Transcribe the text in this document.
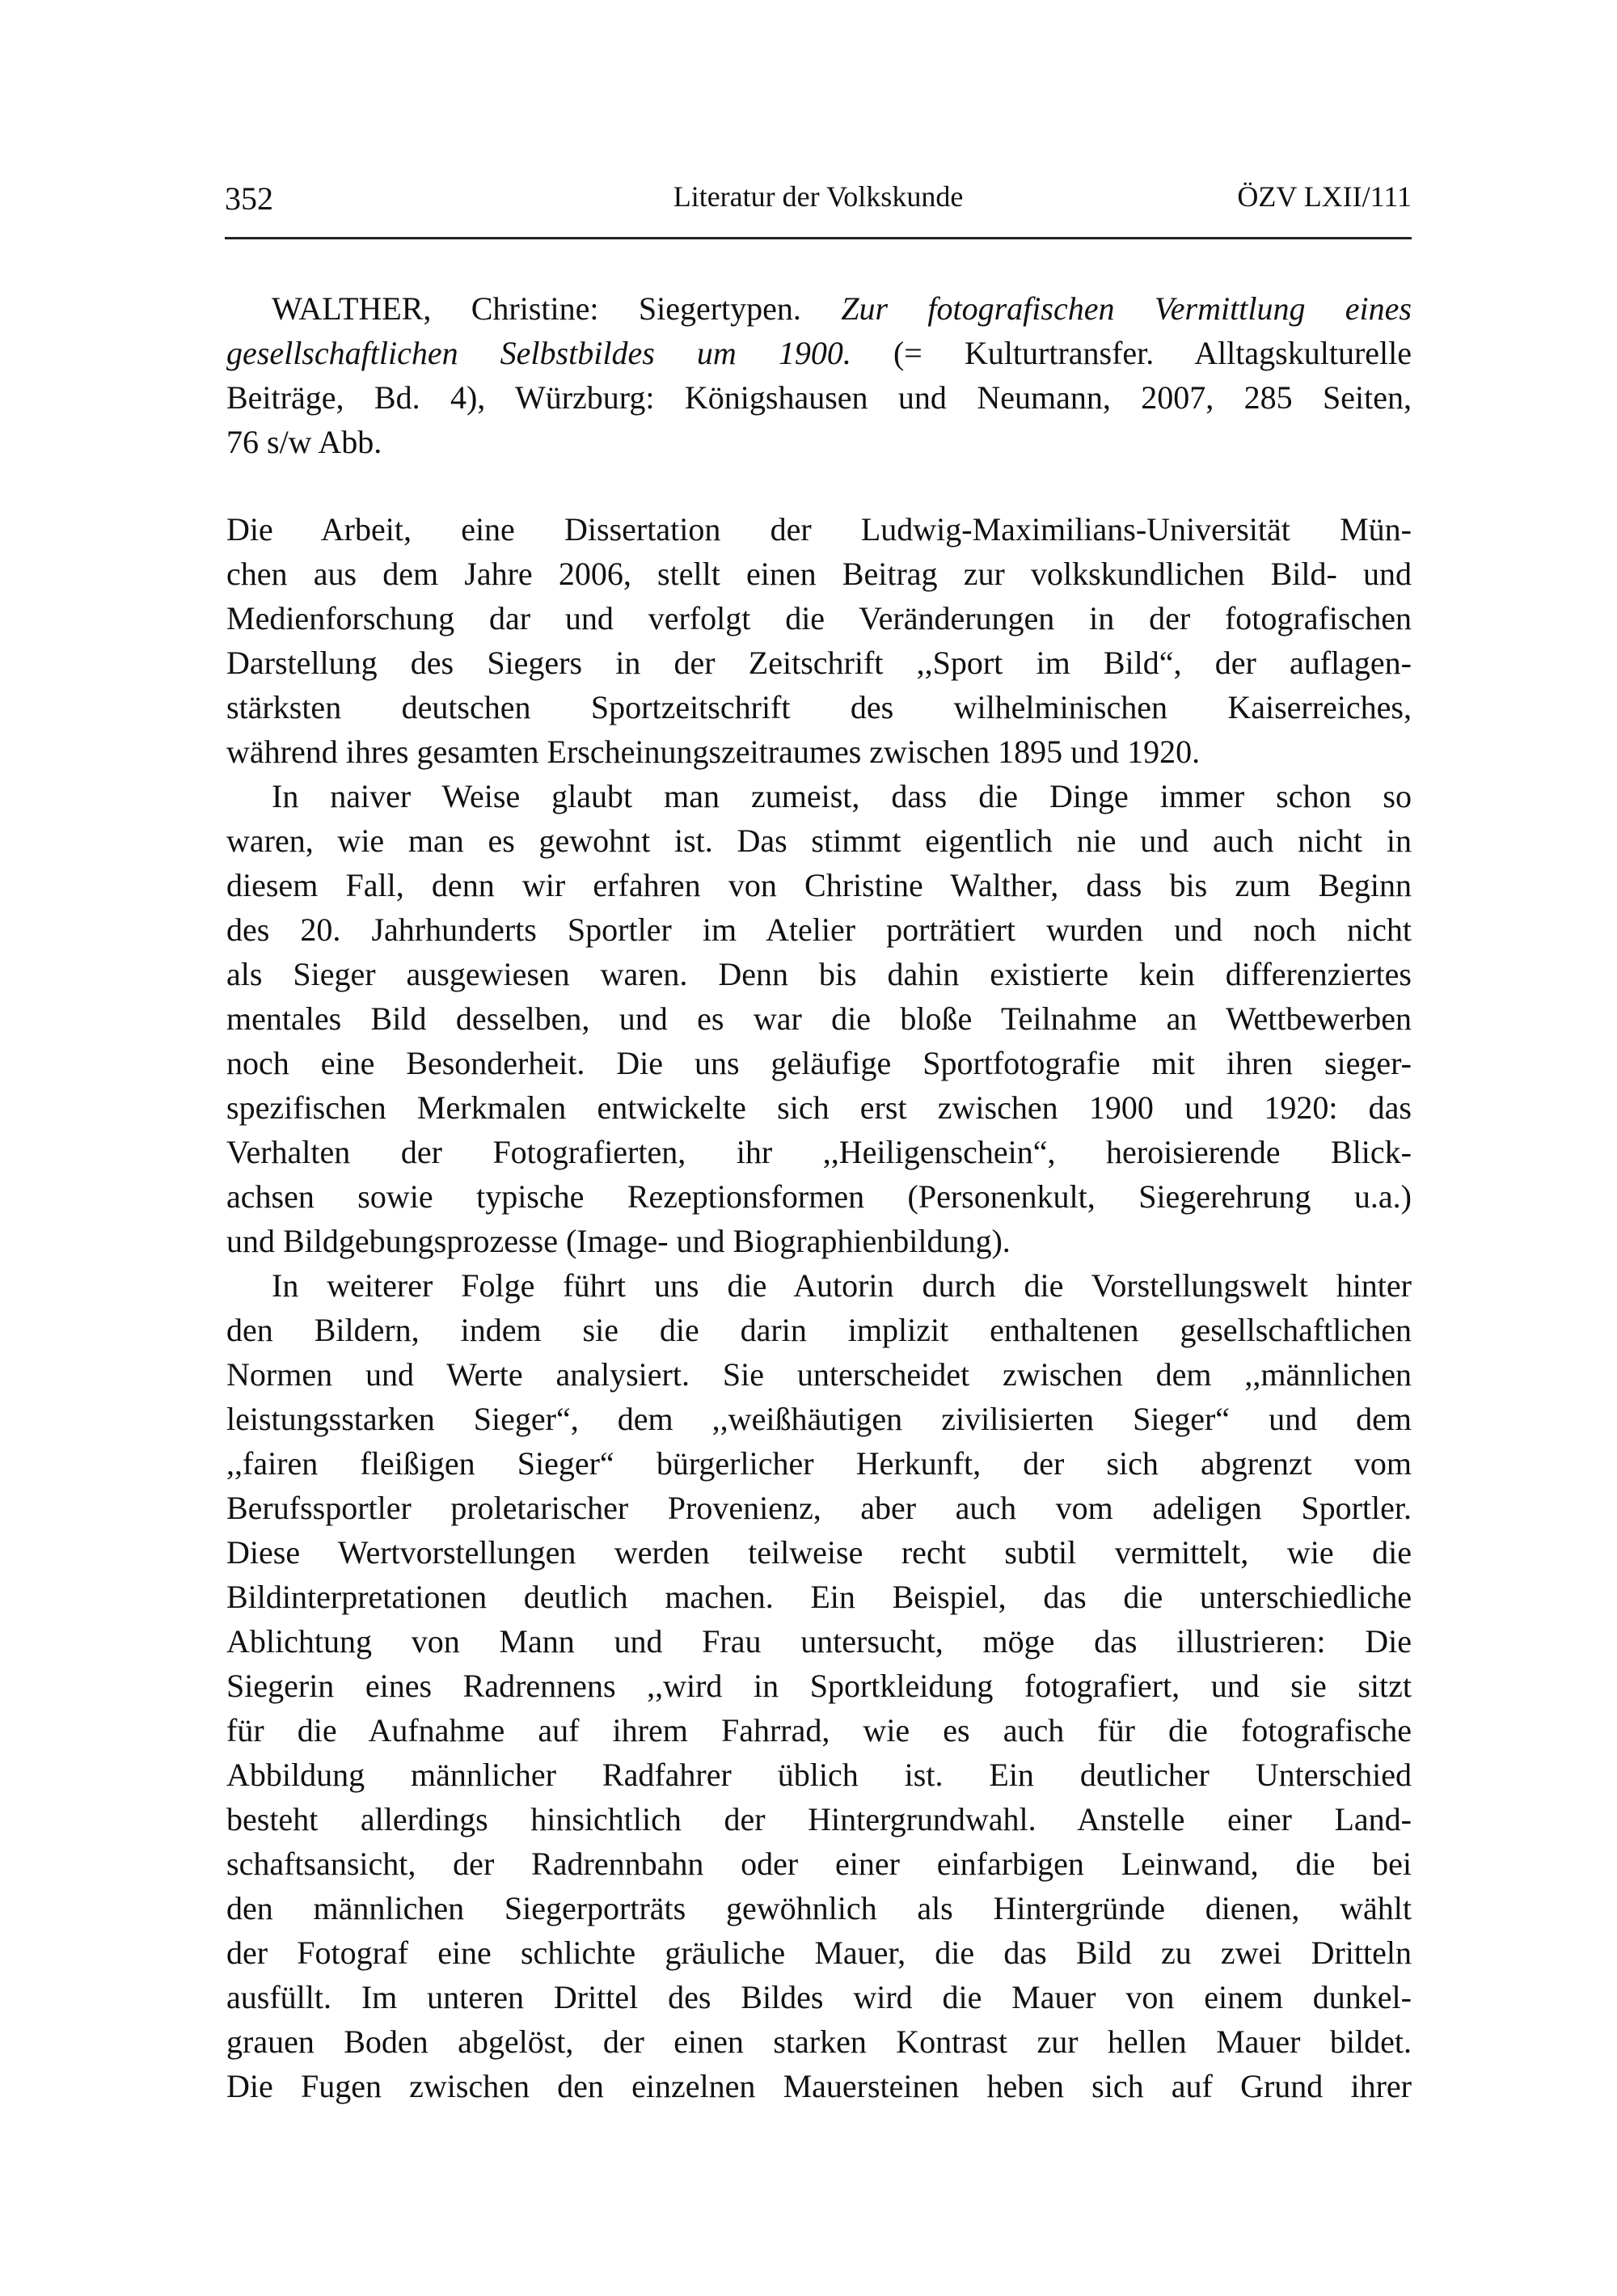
352	Literatur der Volkskunde	ÖZV LXII/111
WALTHER, Christine: Siegertypen. Zur fotografischen Vermittlung eines
gesellschaftlichen Selbstbildes um 1900. (= Kulturtransfer. Alltagskulturelle
Beiträge, Bd. 4), Würzburg: Königshausen und Neumann, 2007, 285 Seiten,
76 s/w Abb.
Die Arbeit, eine Dissertation der Ludwig-Maximilians-Universität Mün-
chen aus dem Jahre 2006, stellt einen Beitrag zur volkskundlichen Bild- und
Medienforschung dar und verfolgt die Veränderungen in der fotografischen
Darstellung des Siegers in der Zeitschrift ,,Sport im Bild“, der auflagen-
stärksten deutschen Sportzeitschrift des wilhelminischen Kaiserreiches,
während ihres gesamten Erscheinungszeitraumes zwischen 1895 und 1920.
In naiver Weise glaubt man zumeist, dass die Dinge immer schon so
waren, wie man es gewohnt ist. Das stimmt eigentlich nie und auch nicht in
diesem Fall, denn wir erfahren von Christine Walther, dass bis zum Beginn
des 20. Jahrhunderts Sportler im Atelier porträtiert wurden und noch nicht
als Sieger ausgewiesen waren. Denn bis dahin existierte kein differenziertes
mentales Bild desselben, und es war die bloße Teilnahme an Wettbewerben
noch eine Besonderheit. Die uns geläufige Sportfotografie mit ihren sieger-
spezifischen Merkmalen entwickelte sich erst zwischen 1900 und 1920: das
Verhalten der Fotografierten, ihr ,,Heiligenschein“, heroisierende Blick-
achsen sowie typische Rezeptionsformen (Personenkult, Siegerehrung u.a.)
und Bildgebungsprozesse (Image- und Biographienbildung).
In weiterer Folge führt uns die Autorin durch die Vorstellungswelt hinter
den Bildern, indem sie die darin implizit enthaltenen gesellschaftlichen
Normen und Werte analysiert. Sie unterscheidet zwischen dem ,,männlichen
leistungsstarken Sieger“, dem ,,weißhäutigen zivilisierten Sieger“ und dem
,,fairen fleißigen Sieger“ bürgerlicher Herkunft, der sich abgrenzt vom
Berufssportler proletarischer Provenienz, aber auch vom adeligen Sportler.
Diese Wertvorstellungen werden teilweise recht subtil vermittelt, wie die
Bildinterpretationen deutlich machen. Ein Beispiel, das die unterschiedliche
Ablichtung von Mann und Frau untersucht, möge das illustrieren: Die
Siegerin eines Radrennens ,,wird in Sportkleidung fotografiert, und sie sitzt
für die Aufnahme auf ihrem Fahrrad, wie es auch für die fotografische
Abbildung männlicher Radfahrer üblich ist. Ein deutlicher Unterschied
besteht allerdings hinsichtlich der Hintergrundwahl. Anstelle einer Land-
schaftsansicht, der Radrennbahn oder einer einfarbigen Leinwand, die bei
den männlichen Siegerporträts gewöhnlich als Hintergründe dienen, wählt
der Fotograf eine schlichte gräuliche Mauer, die das Bild zu zwei Dritteln
ausfüllt. Im unteren Drittel des Bildes wird die Mauer von einem dunkel-
grauen Boden abgelöst, der einen starken Kontrast zur hellen Mauer bildet.
Die Fugen zwischen den einzelnen Mauersteinen heben sich auf Grund ihrer
